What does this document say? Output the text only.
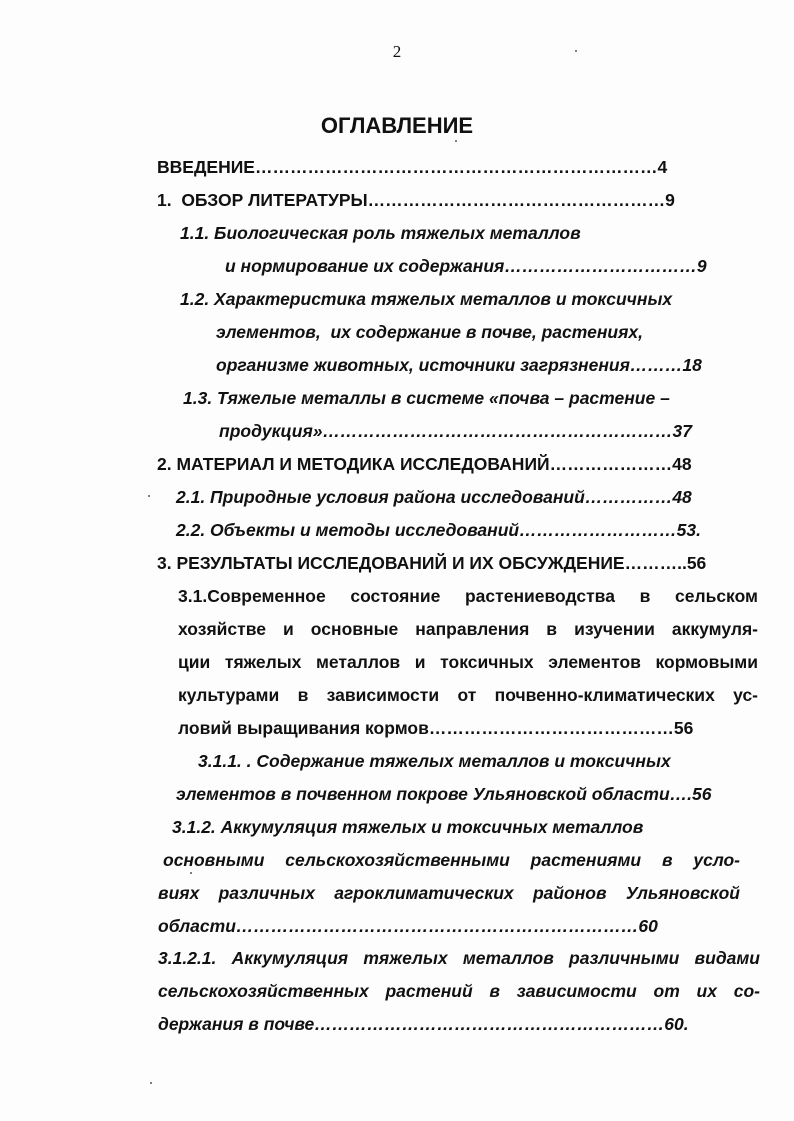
2
ОГЛАВЛЕНИЕ
ВВЕДЕНИЕ……………………………………………………………4
1.  ОБЗОР ЛИТЕРАТУРЫ……………………………………………9
1.1. Биологическая роль тяжелых металлов
и нормирование их содержания……………………………9
1.2. Характеристика тяжелых металлов и токсичных
элементов,  их содержание в почве, растениях,
организме животных, источники загрязнения………18
1.3. Тяжелые металлы в системе «почва – растение –
продукция»……………………………………………………37
2. МАТЕРИАЛ И МЕТОДИКА ИССЛЕДОВАНИЙ…………………48
2.1. Природные условия района исследований……………48
2.2. Объекты и методы исследований………………………53.
3. РЕЗУЛЬТАТЫ ИССЛЕДОВАНИЙ И ИХ ОБСУЖДЕНИЕ………..56
3.1.Современное состояние растениеводства в сельском
хозяйстве и основные направления в изучении аккумуля-
ции тяжелых металлов и токсичных элементов кормовыми
культурами в зависимости от почвенно-климатических ус-
ловий выращивания кормов……………………………………56
3.1.1. . Содержание тяжелых металлов и токсичных
элементов в почвенном покрове Ульяновской области….56
3.1.2. Аккумуляция тяжелых и токсичных металлов
основными сельскохозяйственными растениями в усло-
виях различных агроклиматических районов Ульяновской
области……………………………………………………………60
3.1.2.1. Аккумуляция тяжелых металлов различными видами
сельскохозяйственных растений в зависимости от их со-
держания в почве……………………………………………………60.
